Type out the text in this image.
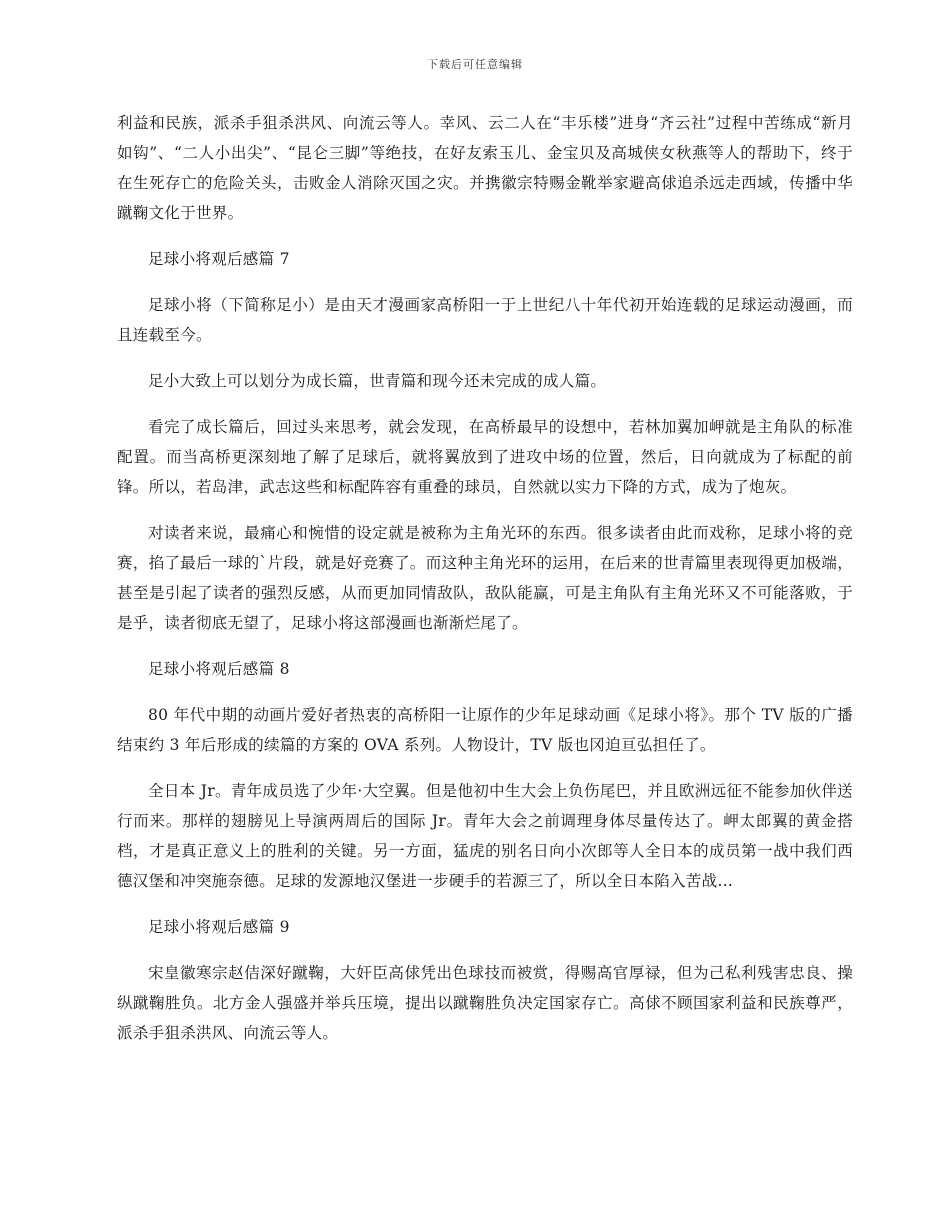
下载后可任意编辑

利益和民族，派杀手狙杀洪风、向流云等人。幸风、云二人在“丰乐楼”进身“齐云社”过程中苦练成“新月如钩”、“二人小出尖”、“昆仑三脚”等绝技，在好友索玉儿、金宝贝及高城侠女秋燕等人的帮助下，终于在生死存亡的危险关头，击败金人消除灭国之灾。并携徽宗特赐金靴举家避高俅追杀远走西域，传播中华蹴鞠文化于世界。

足球小将观后感篇 7

足球小将（下简称足小）是由天才漫画家高桥阳一于上世纪八十年代初开始连载的足球运动漫画，而且连载至今。

足小大致上可以划分为成长篇，世青篇和现今还未完成的成人篇。

看完了成长篇后，回过头来思考，就会发现，在高桥最早的设想中，若林加翼加岬就是主角队的标准配置。而当高桥更深刻地了解了足球后，就将翼放到了进攻中场的位置，然后，日向就成为了标配的前锋。所以，若岛津，武志这些和标配阵容有重叠的球员，自然就以实力下降的方式，成为了炮灰。

对读者来说，最痛心和惋惜的设定就是被称为主角光环的东西。很多读者由此而戏称，足球小将的竞赛，掐了最后一球的`片段，就是好竞赛了。而这种主角光环的运用，在后来的世青篇里表现得更加极端，甚至是引起了读者的强烈反感，从而更加同情敌队，敌队能赢，可是主角队有主角光环又不可能落败，于是乎，读者彻底无望了，足球小将这部漫画也渐渐烂尾了。

足球小将观后感篇 8

80 年代中期的动画片爱好者热衷的高桥阳一让原作的少年足球动画《足球小将》。那个 TV 版的广播结束约 3 年后形成的续篇的方案的 OVA 系列。人物设计，TV 版也冈迫亘弘担任了。

全日本 Jr。青年成员选了少年·大空翼。但是他初中生大会上负伤尾巴，并且欧洲远征不能参加伙伴送行而来。那样的翅膀见上导演两周后的国际 Jr。青年大会之前调理身体尽量传达了。岬太郎翼的黄金搭档，才是真正意义上的胜利的关键。另一方面，猛虎的别名日向小次郎等人全日本的成员第一战中我们西德汉堡和冲突施奈德。足球的发源地汉堡进一步硬手的若源三了，所以全日本陷入苦战…

足球小将观后感篇 9

宋皇徽寒宗赵佶深好蹴鞠，大奸臣高俅凭出色球技而被赏，得赐高官厚禄，但为己私利残害忠良、操纵蹴鞠胜负。北方金人强盛并举兵压境，提出以蹴鞠胜负决定国家存亡。高俅不顾国家利益和民族尊严，派杀手狙杀洪风、向流云等人。
